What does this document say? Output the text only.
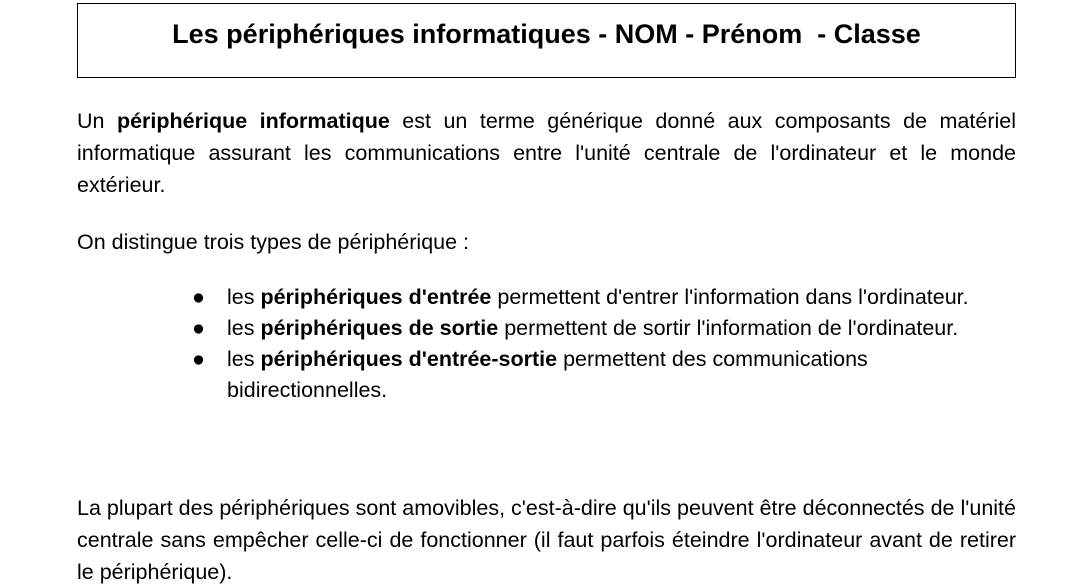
Les périphériques informatiques - NOM - Prénom  - Classe

Un périphérique informatique est un terme générique donné aux composants de matériel informatique assurant les communications entre l'unité centrale de l'ordinateur et le monde extérieur.

On distingue trois types de périphérique :

● les périphériques d'entrée permettent d'entrer l'information dans l'ordinateur.
● les périphériques de sortie permettent de sortir l'information de l'ordinateur.
● les périphériques d'entrée-sortie permettent des communications bidirectionnelles.

La plupart des périphériques sont amovibles, c'est-à-dire qu'ils peuvent être déconnectés de l'unité centrale sans empêcher celle-ci de fonctionner (il faut parfois éteindre l'ordinateur avant de retirer le périphérique).
